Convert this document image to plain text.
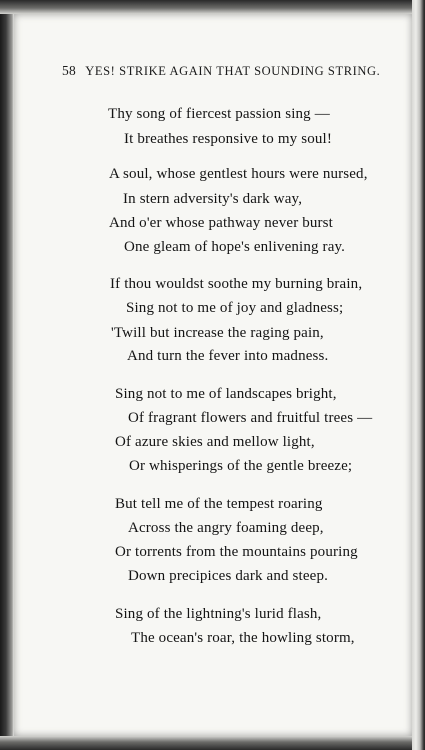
58 YES! STRIKE AGAIN THAT SOUNDING STRING.
Thy song of fiercest passion sing —
It breathes responsive to my soul!
A soul, whose gentlest hours were nursed,
In stern adversity's dark way,
And o'er whose pathway never burst
One gleam of hope's enlivening ray.
If thou wouldst soothe my burning brain,
Sing not to me of joy and gladness;
'Twill but increase the raging pain,
And turn the fever into madness.
Sing not to me of landscapes bright,
Of fragrant flowers and fruitful trees —
Of azure skies and mellow light,
Or whisperings of the gentle breeze;
But tell me of the tempest roaring
Across the angry foaming deep,
Or torrents from the mountains pouring
Down precipices dark and steep.
Sing of the lightning's lurid flash,
The ocean's roar, the howling storm,
